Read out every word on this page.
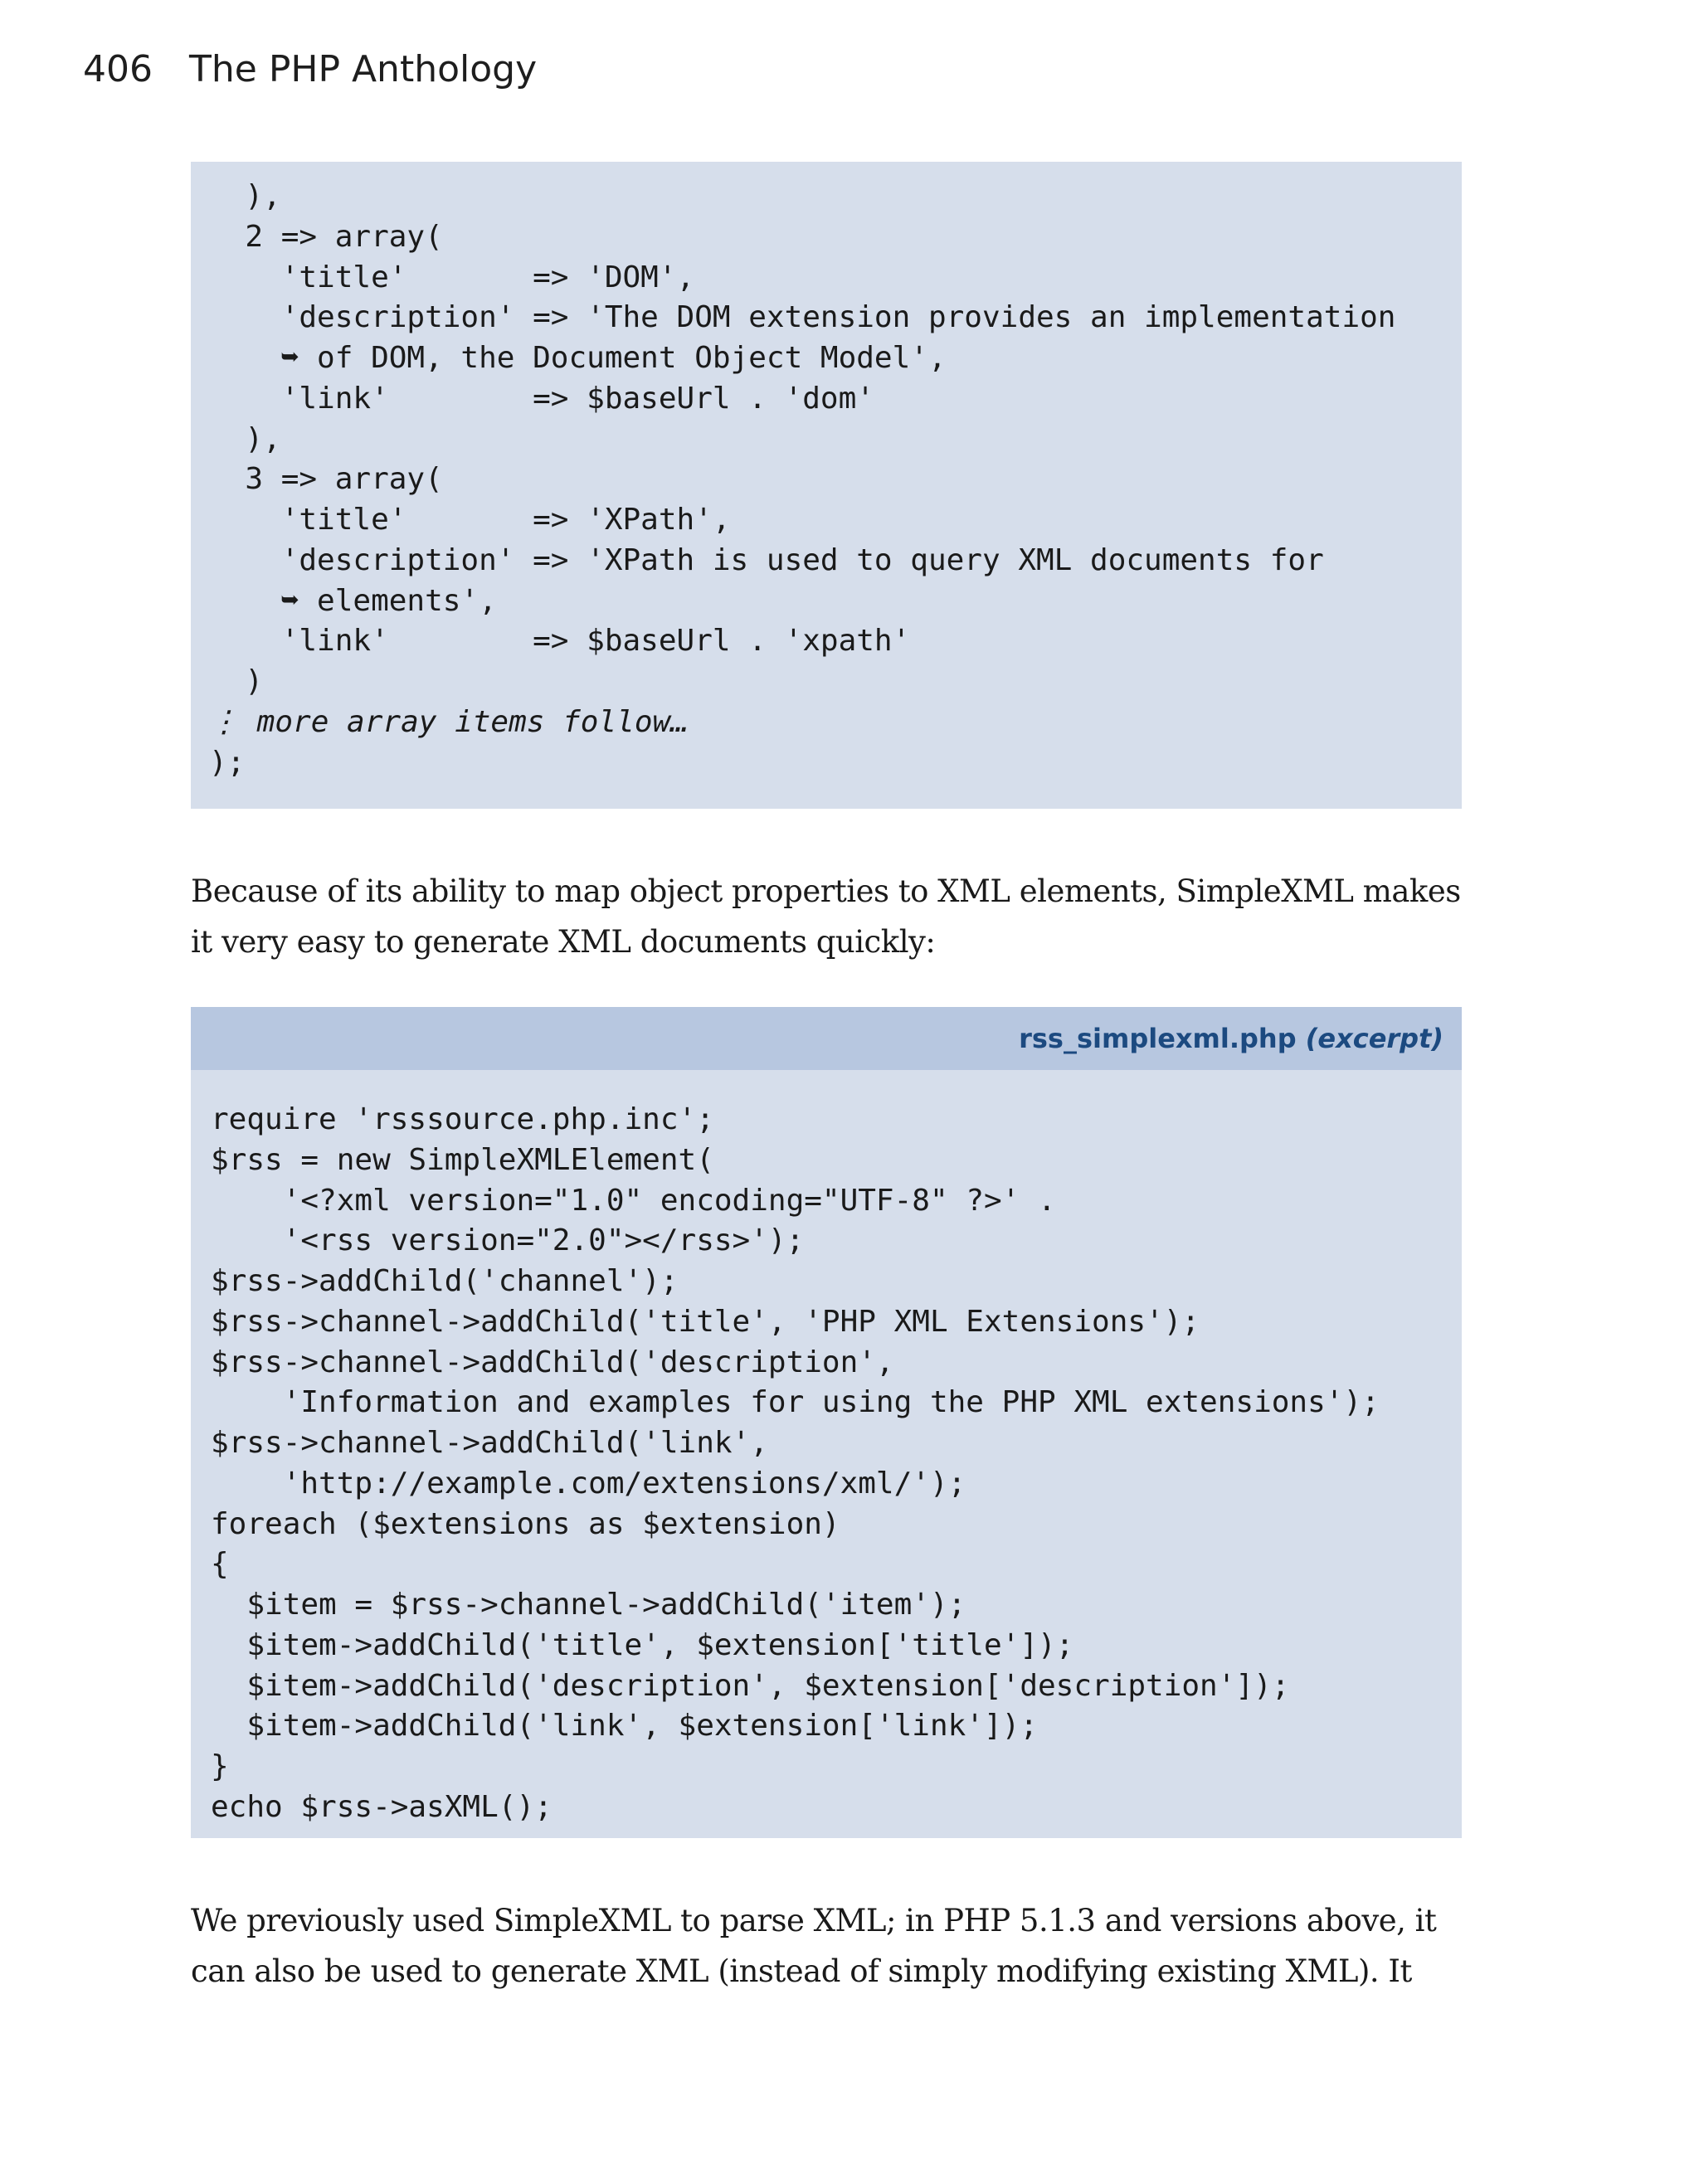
406 The PHP Anthology
),
2 => array(
'title'       => 'DOM',
'description' => 'The DOM extension provides an implementation
➥ of DOM, the Document Object Model',
'link'        => $baseUrl . 'dom'
),
3 => array(
'title'       => 'XPath',
'description' => 'XPath is used to query XML documents for
➥ elements',
'link'        => $baseUrl . 'xpath'
)
⋮ more array items follow…
);
Because of its ability to map object properties to XML elements, SimpleXML makes
it very easy to generate XML documents quickly:
rss_simplexml.php (excerpt)
require 'rsssource.php.inc';
$rss = new SimpleXMLElement(
'<?xml version="1.0" encoding="UTF-8" ?>' .
'<rss version="2.0"></rss>');
$rss->addChild('channel');
$rss->channel->addChild('title', 'PHP XML Extensions');
$rss->channel->addChild('description',
'Information and examples for using the PHP XML extensions');
$rss->channel->addChild('link',
'http://example.com/extensions/xml/');
foreach ($extensions as $extension)
{
$item = $rss->channel->addChild('item');
$item->addChild('title', $extension['title']);
$item->addChild('description', $extension['description']);
$item->addChild('link', $extension['link']);
}
echo $rss->asXML();
We previously used SimpleXML to parse XML; in PHP 5.1.3 and versions above, it
can also be used to generate XML (instead of simply modifying existing XML). It
